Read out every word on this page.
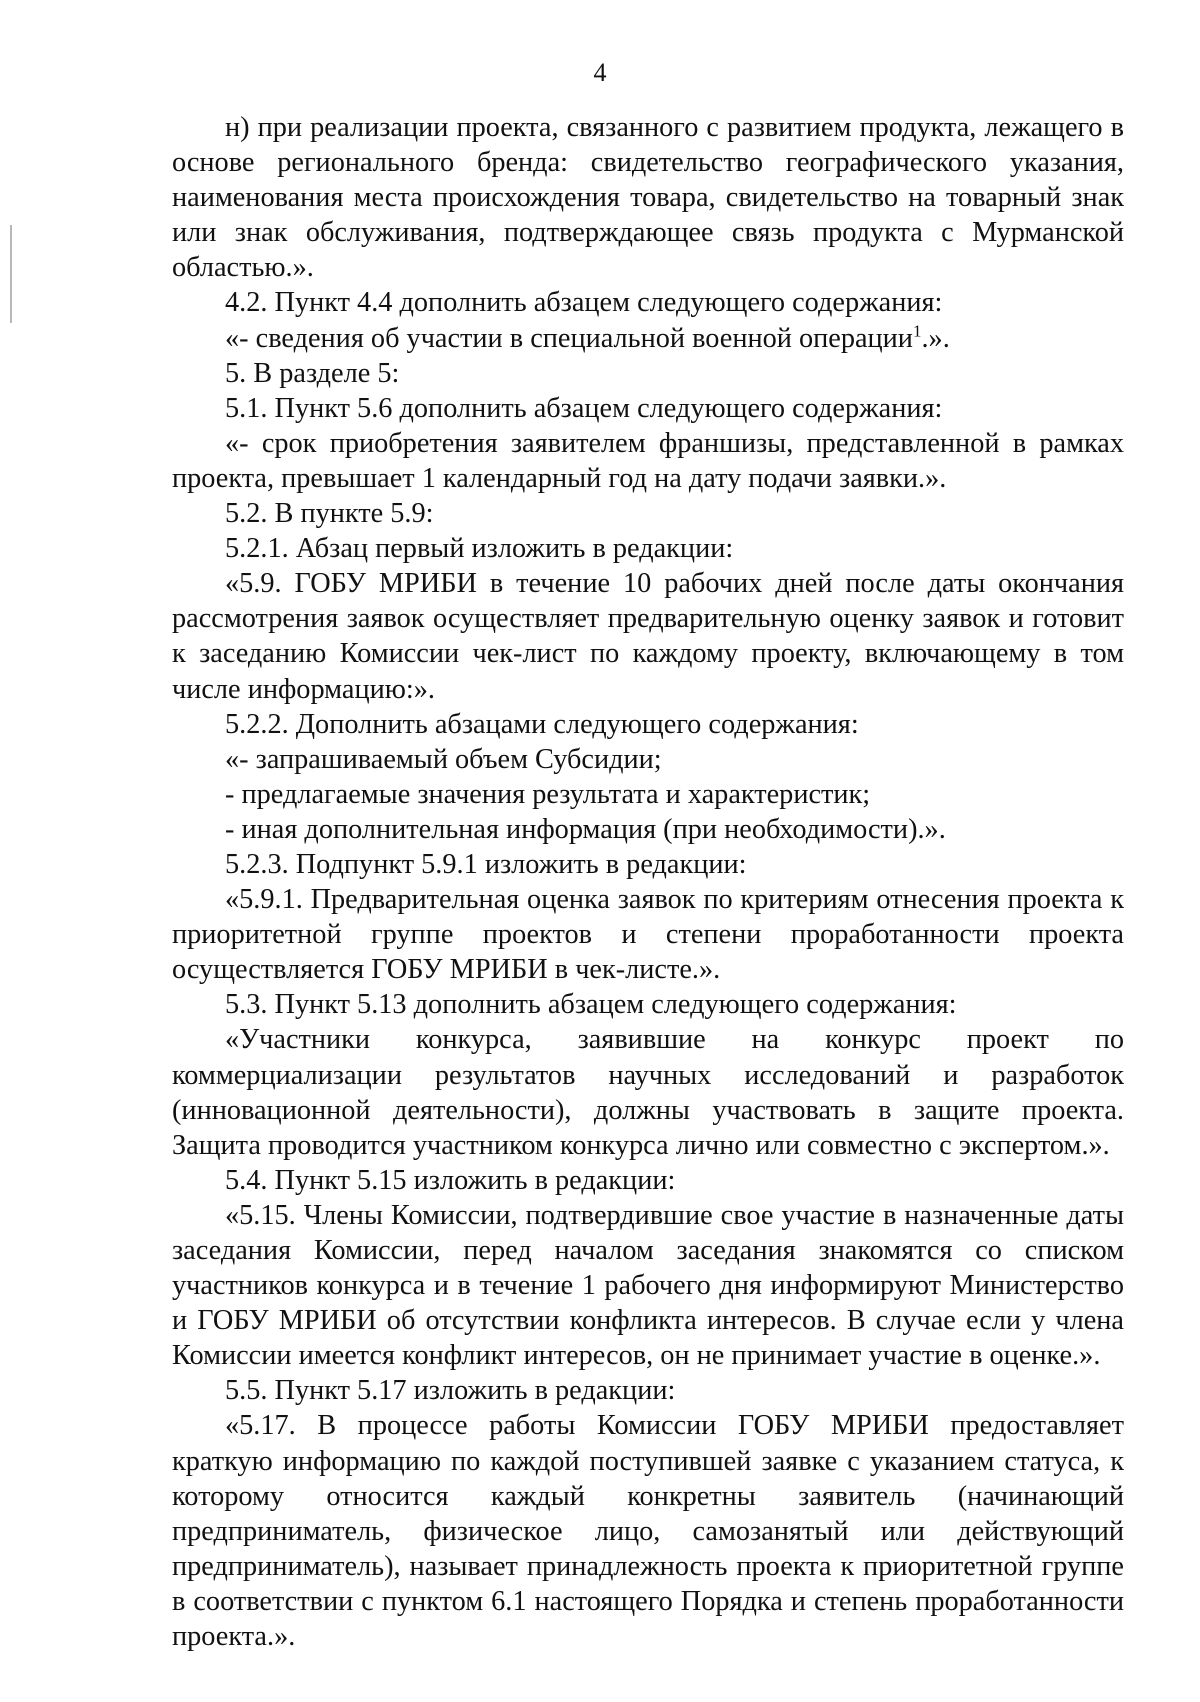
4

н) при реализации проекта, связанного с развитием продукта, лежащего в основе регионального бренда: свидетельство географического указания, наименования места происхождения товара, свидетельство на товарный знак или знак обслуживания, подтверждающее связь продукта с Мурманской областью.».

4.2. Пункт 4.4 дополнить абзацем следующего содержания:

«- сведения об участии в специальной военной операции$^1$.».

5. В разделе 5:

5.1. Пункт 5.6 дополнить абзацем следующего содержания:

«- срок приобретения заявителем франшизы, представленной в рамках проекта, превышает 1 календарный год на дату подачи заявки.».

5.2. В пункте 5.9:

5.2.1. Абзац первый изложить в редакции:

«5.9. ГОБУ МРИБИ в течение 10 рабочих дней после даты окончания рассмотрения заявок осуществляет предварительную оценку заявок и готовит к заседанию Комиссии чек-лист по каждому проекту, включающему в том числе информацию:».

5.2.2. Дополнить абзацами следующего содержания:

«- запрашиваемый объем Субсидии;

- предлагаемые значения результата и характеристик;

- иная дополнительная информация (при необходимости).».

5.2.3. Подпункт 5.9.1 изложить в редакции:

«5.9.1. Предварительная оценка заявок по критериям отнесения проекта к приоритетной группе проектов и степени проработанности проекта осуществляется ГОБУ МРИБИ в чек-листе.».

5.3. Пункт 5.13 дополнить абзацем следующего содержания:

«Участники конкурса, заявившие на конкурс проект по коммерциализации результатов научных исследований и разработок (инновационной деятельности), должны участвовать в защите проекта. Защита проводится участником конкурса лично или совместно с экспертом.».

5.4. Пункт 5.15 изложить в редакции:

«5.15. Члены Комиссии, подтвердившие свое участие в назначенные даты заседания Комиссии, перед началом заседания знакомятся со списком участников конкурса и в течение 1 рабочего дня информируют Министерство и ГОБУ МРИБИ об отсутствии конфликта интересов. В случае если у члена Комиссии имеется конфликт интересов, он не принимает участие в оценке.».

5.5. Пункт 5.17 изложить в редакции:

«5.17. В процессе работы Комиссии ГОБУ МРИБИ предоставляет краткую информацию по каждой поступившей заявке с указанием статуса, к которому относится каждый конкретны заявитель (начинающий предприниматель, физическое лицо, самозанятый или действующий предприниматель), называет принадлежность проекта к приоритетной группе в соответствии с пунктом 6.1 настоящего Порядка и степень проработанности проекта.».
